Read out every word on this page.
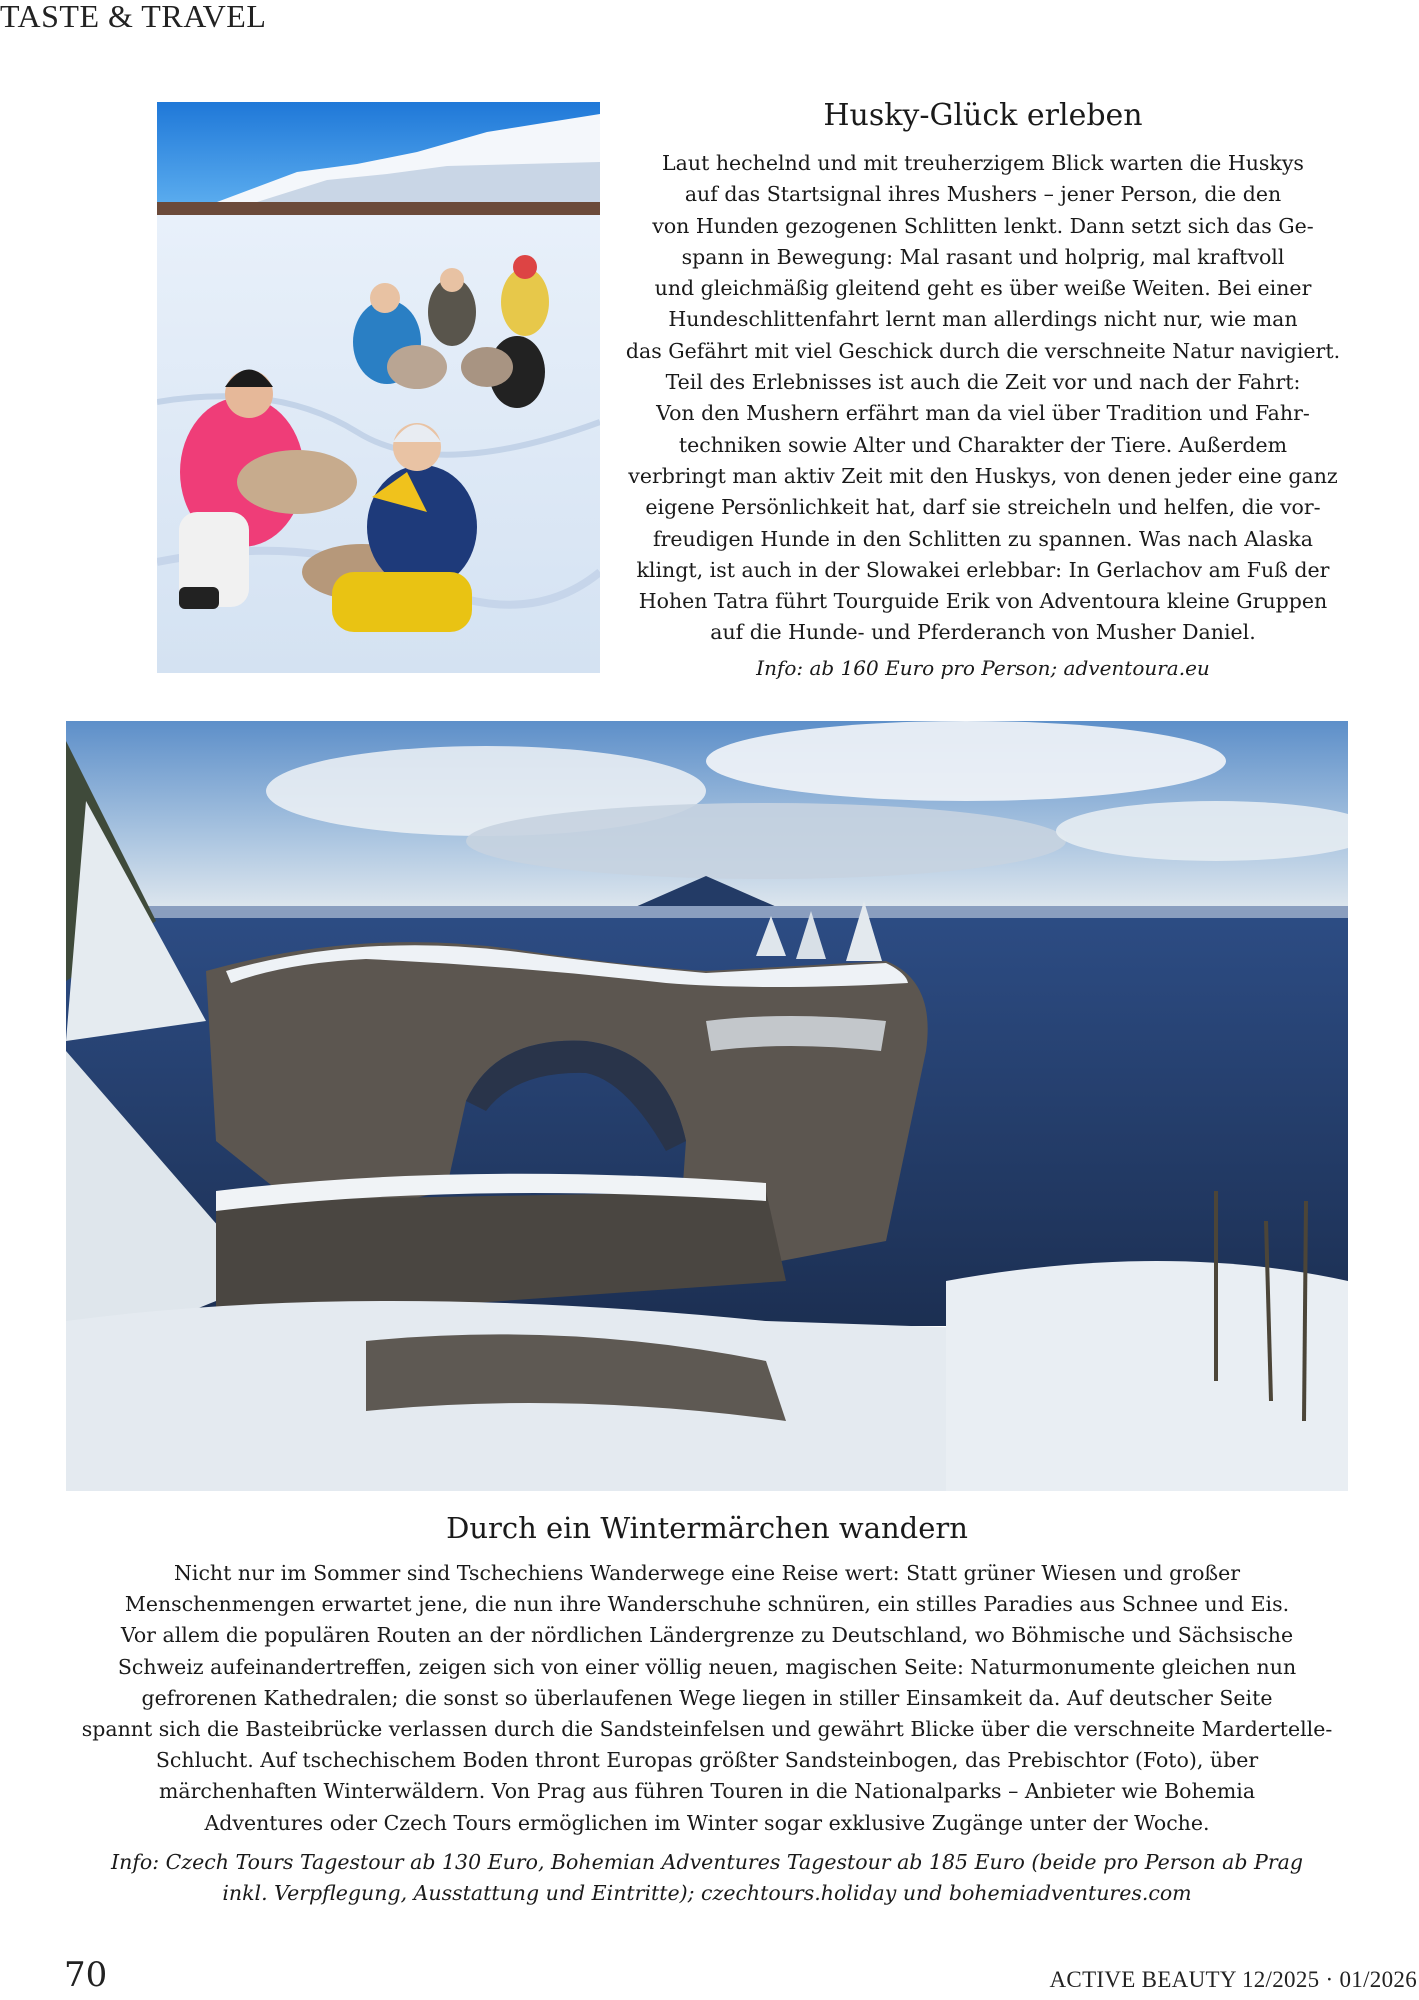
TASTE & TRAVEL
Husky-Glück erleben

Laut hechelnd und mit treuherzigem Blick warten die Huskys
auf das Startsignal ihres Mushers – jener Person, die den
von Hunden gezogenen Schlitten lenkt. Dann setzt sich das Ge-
spann in Bewegung: Mal rasant und holprig, mal kraftvoll
und gleichmäßig gleitend geht es über weiße Weiten. Bei einer
Hundeschlittenfahrt lernt man allerdings nicht nur, wie man
das Gefährt mit viel Geschick durch die verschneite Natur navigiert.
Teil des Erlebnisses ist auch die Zeit vor und nach der Fahrt:
Von den Mushern erfährt man da viel über Tradition und Fahr-
techniken sowie Alter und Charakter der Tiere. Außerdem
verbringt man aktiv Zeit mit den Huskys, von denen jeder eine ganz
eigene Persönlichkeit hat, darf sie streicheln und helfen, die vor-
freudigen Hunde in den Schlitten zu spannen. Was nach Alaska
klingt, ist auch in der Slowakei erlebbar: In Gerlachov am Fuß der
Hohen Tatra führt Tourguide Erik von Adventoura kleine Gruppen
auf die Hunde- und Pferderanch von Musher Daniel.

Info: ab 160 Euro pro Person; adventoura.eu
Durch ein Wintermärchen wandern

Nicht nur im Sommer sind Tschechiens Wanderwege eine Reise wert: Statt grüner Wiesen und großer
Menschenmengen erwartet jene, die nun ihre Wanderschuhe schnüren, ein stilles Paradies aus Schnee und Eis.
Vor allem die populären Routen an der nördlichen Ländergrenze zu Deutschland, wo Böhmische und Sächsische
Schweiz aufeinandertreffen, zeigen sich von einer völlig neuen, magischen Seite: Naturmonumente gleichen nun
gefrorenen Kathedralen; die sonst so überlaufenen Wege liegen in stiller Einsamkeit da. Auf deutscher Seite
spannt sich die Basteibrücke verlassen durch die Sandsteinfelsen und gewährt Blicke über die verschneite Mardertelle-
Schlucht. Auf tschechischem Boden thront Europas größter Sandsteinbogen, das Prebischtor (Foto), über
märchenhaften Winterwäldern. Von Prag aus führen Touren in die Nationalparks – Anbieter wie Bohemia
Adventures oder Czech Tours ermöglichen im Winter sogar exklusive Zugänge unter der Woche.

Info: Czech Tours Tagestour ab 130 Euro, Bohemian Adventures Tagestour ab 185 Euro (beide pro Person ab Prag
inkl. Verpflegung, Ausstattung und Eintritte); czechtours.holiday und bohemiadventures.com
70	ACTIVE BEAUTY 12/2025 · 01/2026
